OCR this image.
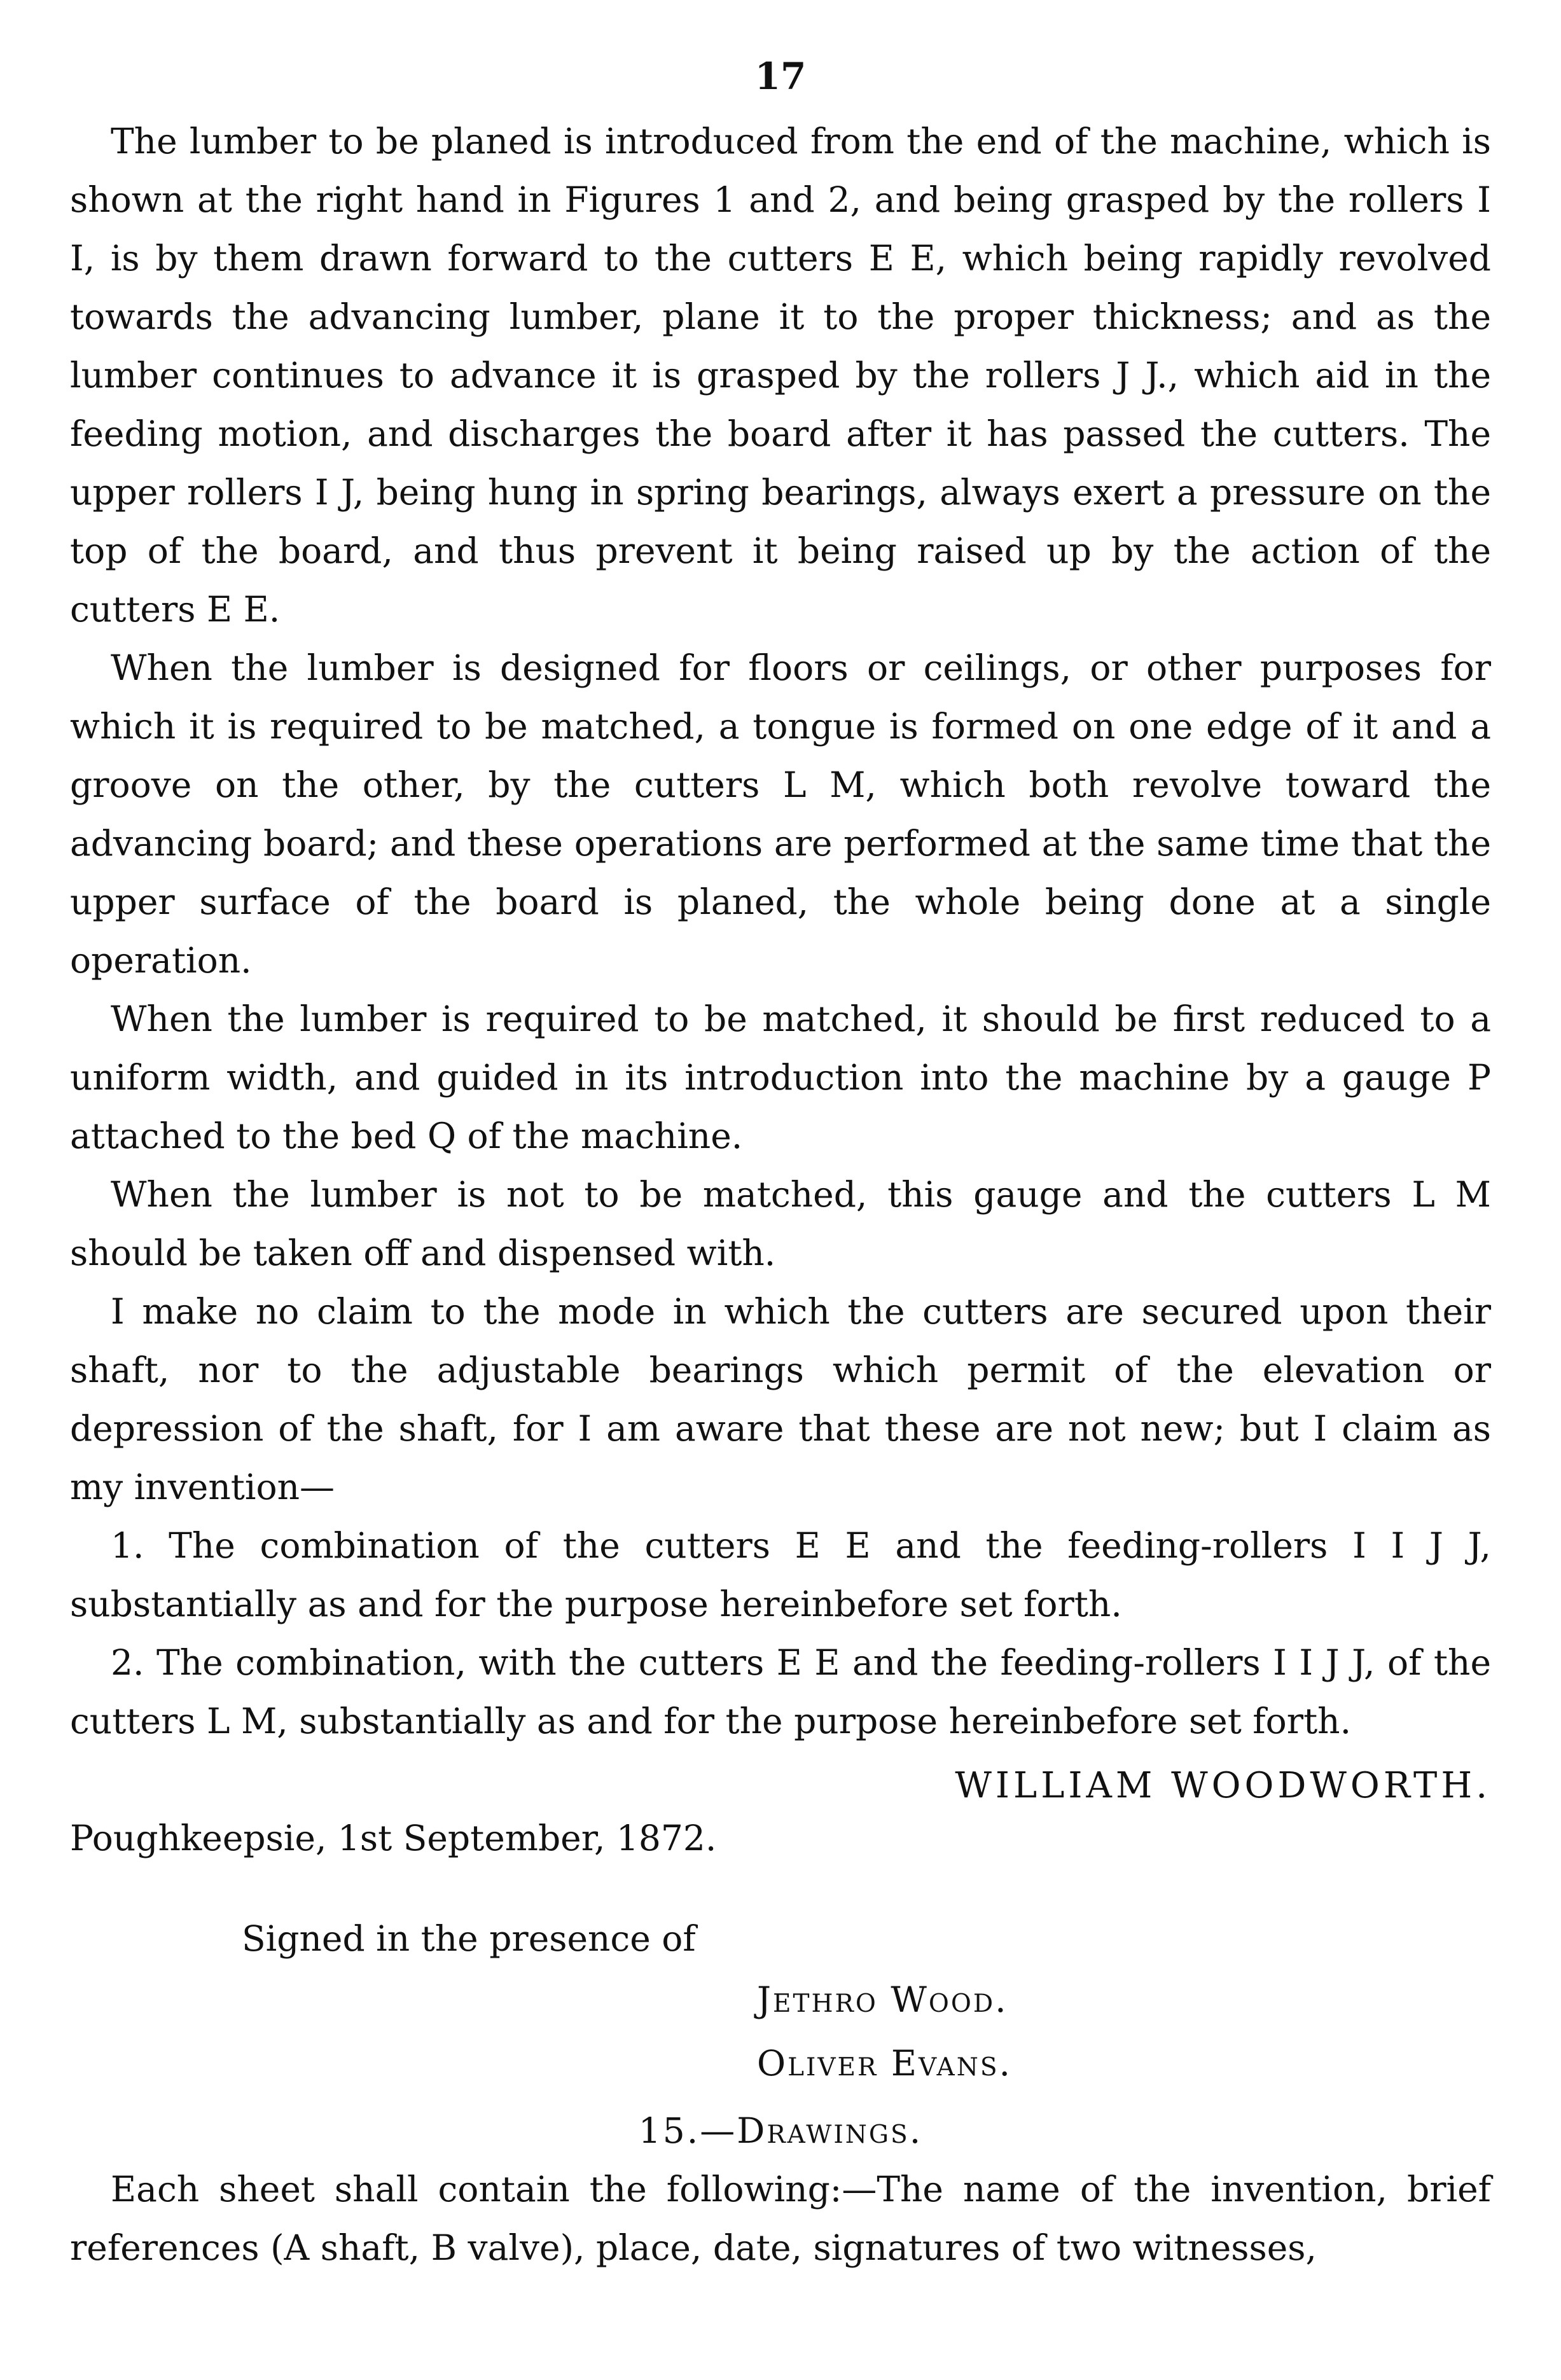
17

The lumber to be planed is introduced from the end of the machine, which is shown at the right hand in Figures 1 and 2, and being grasped by the rollers I I, is by them drawn forward to the cutters E E, which being rapidly revolved towards the advancing lumber, plane it to the proper thickness; and as the lumber continues to advance it is grasped by the rollers J J., which aid in the feeding motion, and discharges the board after it has passed the cutters. The upper rollers I J, being hung in spring bearings, always exert a pressure on the top of the board, and thus prevent it being raised up by the action of the cutters E E.

When the lumber is designed for floors or ceilings, or other purposes for which it is required to be matched, a tongue is formed on one edge of it and a groove on the other, by the cutters L M, which both revolve toward the advancing board; and these operations are performed at the same time that the upper surface of the board is planed, the whole being done at a single operation.

When the lumber is required to be matched, it should be first reduced to a uniform width, and guided in its introduction into the machine by a gauge P attached to the bed Q of the machine.

When the lumber is not to be matched, this gauge and the cutters L M should be taken off and dispensed with.

I make no claim to the mode in which the cutters are secured upon their shaft, nor to the adjustable bearings which permit of the elevation or depression of the shaft, for I am aware that these are not new; but I claim as my invention—

1. The combination of the cutters E E and the feeding-rollers I I J J, substantially as and for the purpose hereinbefore set forth.

2. The combination, with the cutters E E and the feeding-rollers I I J J, of the cutters L M, substantially as and for the purpose hereinbefore set forth.

WILLIAM WOODWORTH.
Poughkeepsie, 1st September, 1872.

Signed in the presence of

Jethro Wood.
Oliver Evans.
15.—Drawings.

Each sheet shall contain the following:—The name of the invention, brief references (A shaft, B valve), place, date, signatures of two witnesses,
